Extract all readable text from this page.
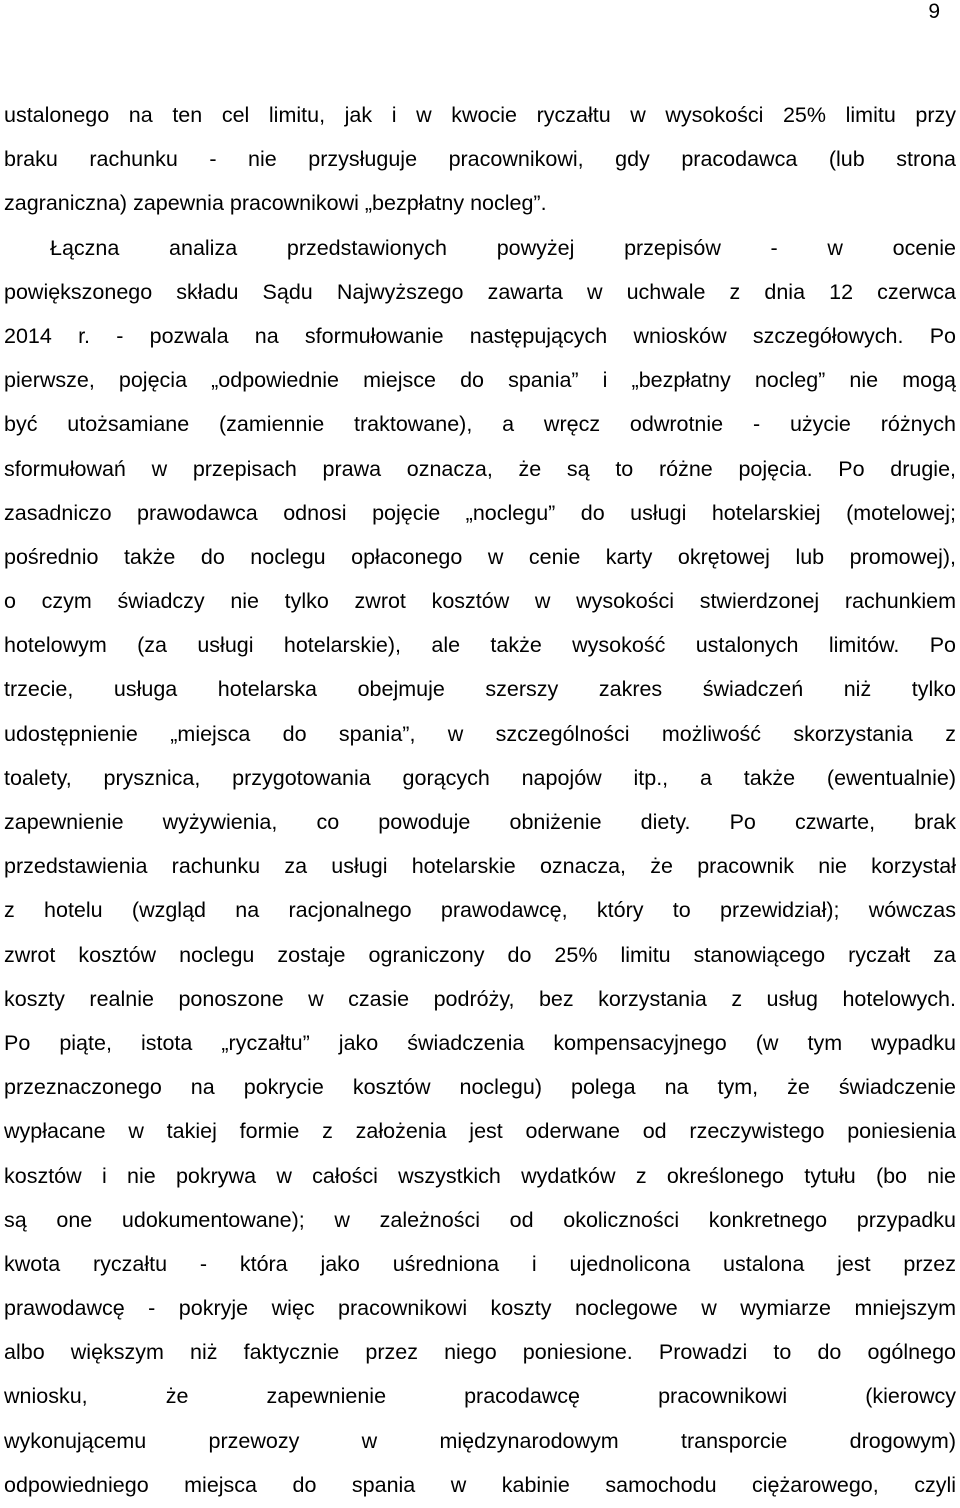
9
ustalonego na ten cel limitu, jak i w kwocie ryczałtu w wysokości 25% limitu przy
braku rachunku - nie przysługuje pracownikowi, gdy pracodawca (lub strona
zagraniczna) zapewnia pracownikowi „bezpłatny nocleg”.
Łączna analiza przedstawionych powyżej przepisów - w ocenie
powiększonego składu Sądu Najwyższego zawarta w uchwale z dnia 12 czerwca
2014 r. - pozwala na sformułowanie następujących wniosków szczegółowych. Po
pierwsze, pojęcia „odpowiednie miejsce do spania” i „bezpłatny nocleg” nie mogą
być utożsamiane (zamiennie traktowane), a wręcz odwrotnie - użycie różnych
sformułowań w przepisach prawa oznacza, że są to różne pojęcia. Po drugie,
zasadniczo prawodawca odnosi pojęcie „noclegu” do usługi hotelarskiej (motelowej;
pośrednio także do noclegu opłaconego w cenie karty okrętowej lub promowej),
o czym świadczy nie tylko zwrot kosztów w wysokości stwierdzonej rachunkiem
hotelowym (za usługi hotelarskie), ale także wysokość ustalonych limitów. Po
trzecie, usługa hotelarska obejmuje szerszy zakres świadczeń niż tylko
udostępnienie „miejsca do spania”, w szczególności możliwość skorzystania z
toalety, prysznica, przygotowania gorących napojów itp., a także (ewentualnie)
zapewnienie wyżywienia, co powoduje obniżenie diety. Po czwarte, brak
przedstawienia rachunku za usługi hotelarskie oznacza, że pracownik nie korzystał
z hotelu (wzgląd na racjonalnego prawodawcę, który to przewidział); wówczas
zwrot kosztów noclegu zostaje ograniczony do 25% limitu stanowiącego ryczałt za
koszty realnie ponoszone w czasie podróży, bez korzystania z usług hotelowych.
Po piąte, istota „ryczałtu” jako świadczenia kompensacyjnego (w tym wypadku
przeznaczonego na pokrycie kosztów noclegu) polega na tym, że świadczenie
wypłacane w takiej formie z założenia jest oderwane od rzeczywistego poniesienia
kosztów i nie pokrywa w całości wszystkich wydatków z określonego tytułu (bo nie
są one udokumentowane); w zależności od okoliczności konkretnego przypadku
kwota ryczałtu - która jako uśredniona i ujednolicona ustalona jest przez
prawodawcę - pokryje więc pracownikowi koszty noclegowe w wymiarze mniejszym
albo większym niż faktycznie przez niego poniesione. Prowadzi to do ogólnego
wniosku, że zapewnienie pracodawcę pracownikowi (kierowcy
wykonującemu przewozy w międzynarodowym transporcie drogowym)
odpowiedniego miejsca do spania w kabinie samochodu ciężarowego, czyli
